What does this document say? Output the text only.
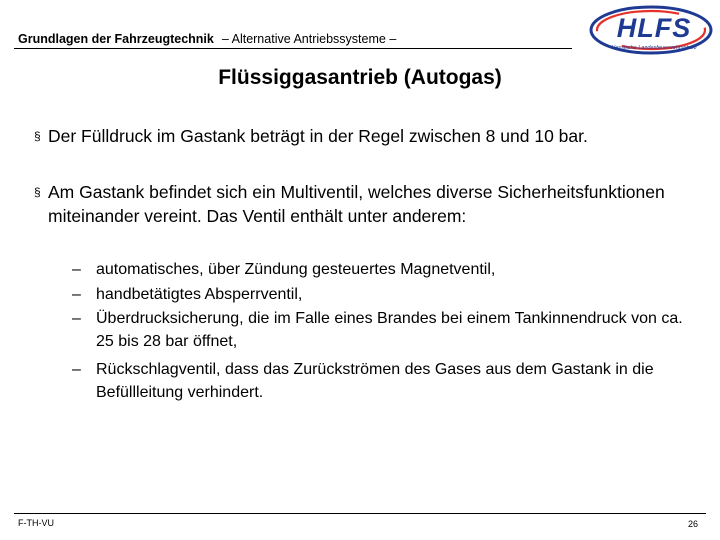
Grundlagen der Fahrzeugtechnik – Alternative Antriebssysteme –	HLFS
Hessische Landesfeuerwehrschule
Flüssiggasantrieb (Autogas)
§ Der Fülldruck im Gastank beträgt in der Regel zwischen 8 und 10 bar.
§ Am Gastank befindet sich ein Multiventil, welches diverse Sicherheitsfunktionen miteinander vereint. Das Ventil enthält unter anderem:
– automatisches, über Zündung gesteuertes Magnetventil,
– handbetätigtes Absperrventil,
– Überdrucksicherung, die im Falle eines Brandes bei einem Tankinnendruck von ca. 25 bis 28 bar öffnet,
– Rückschlagventil, dass das Zurückströmen des Gases aus dem Gastank in die Befüllleitung verhindert.
F-TH-VU	26
